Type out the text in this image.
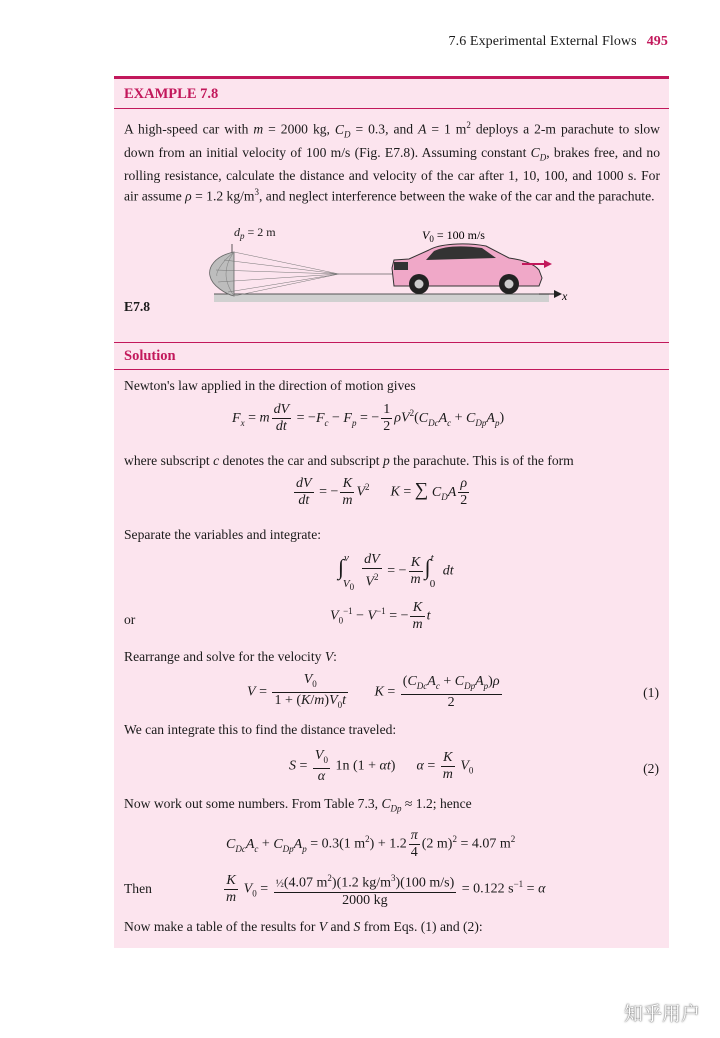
7.6 Experimental External Flows 495
EXAMPLE 7.8
A high-speed car with m = 2000 kg, $C_D = 0.3$, and A = 1 $m^2$ deploys a 2-m parachute to slow down from an initial velocity of 100 m/s (Fig. E7.8). Assuming constant $C_D$, brakes free, and no rolling resistance, calculate the distance and velocity of the car after 1, 10, 100, and 1000 s. For air assume ρ = 1.2 $kg/m^3$, and neglect interference between the wake of the car and the parachute.
$d_p = 2$ m
x
$V_0 = 100$ m/s
E7.8
Solution
Newton's law applied in the direction of motion gives
$F_x = m \frac{dV}{dt} = -F_c - F_p$ = − $\frac{1}{2} \rho V^2(C_{Dc}A_c + C_{Dp}A_p)$
where subscript c denotes the car and subscript p the parachute. This is of the form
$\frac{dV}{dt}$ = − $\frac{K}{m} V^2$ K = ∑ $C_DA \frac{\rho}{2}$
Separate the variables and integrate:
$\int^v_{V_0} \frac{dV}{V^2}$ = − $\frac{K}{m} \int^t_0$ dt
or	$V_0^{-1} - V^{-1}$ = − $\frac{K}{m}$ t
Rearrange and solve for the velocity V:
$V = \frac{V_0}{1 + (K/m)V_0t}$ $K = \frac{(C_{Dc}A_c + C_{Dp}A_p)\rho}{2}$	(1)
We can integrate this to find the distance traveled:
$S = \frac{V_0}{\alpha} 1n$ (1 + αt)      $\alpha = \frac{K}{m} V_0$	(2)
Now work out some numbers. From Table 7.3, $C_{Dp} \approx 1.2$; hence
$C_{Dc}A_c + C_{Dp}A_p = 0.3(1$ $m^2) + 1.2 \frac{\pi}{4} (2$ m)$^2$ = 4.07 $m^2$
Then	$\frac{K}{m} V_0 = \frac{\frac{1}{2}(4.07 m^2)(1.2 kg/m^3)(100 m/s)}{2000 kg} = 0.122$ $s^{-1} = \alpha$
Now make a table of the results for V and S from Eqs. (1) and (2):
知乎用户
